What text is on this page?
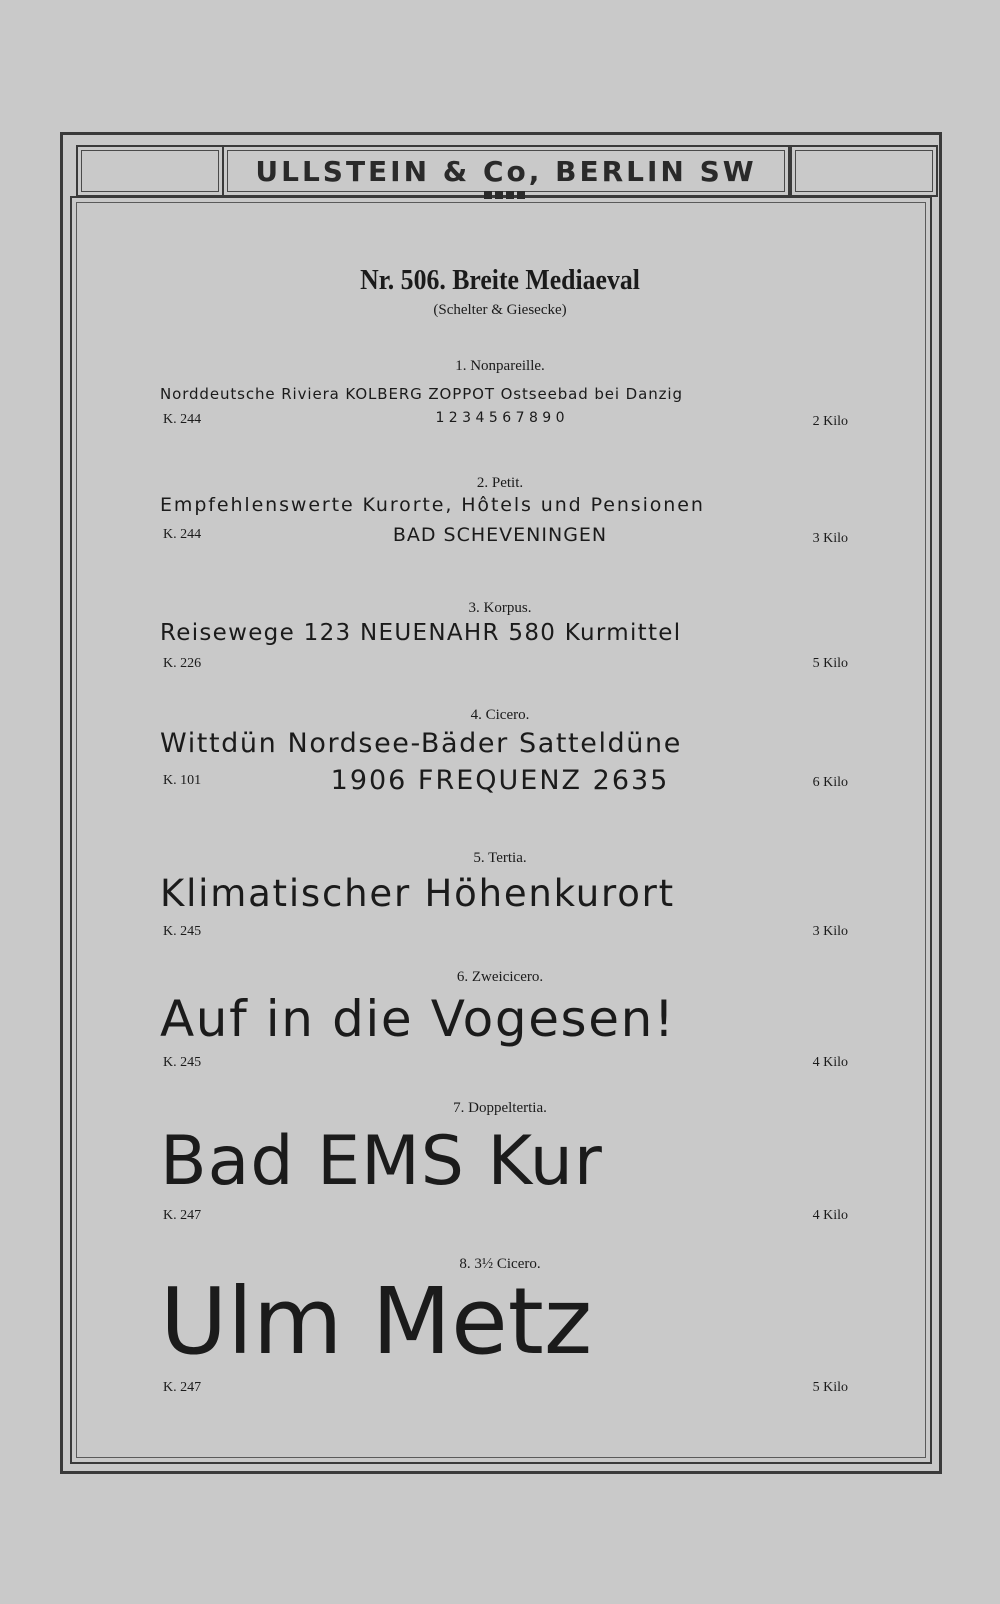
ULLSTEIN & Co, BERLIN SW
Nr. 506. Breite Mediaeval
(Schelter & Giesecke)
1. Nonpareille.
Norddeutsche Riviera KOLBERG ZOPPOT Ostseebad bei Danzig
K. 244	1 2 3 4 5 6 7 8 9 0	2 Kilo
2. Petit.
Empfehlenswerte Kurorte, Hôtels und Pensionen
K. 244	BAD SCHEVENINGEN	3 Kilo
3. Korpus.
Reisewege 123 NEUENAHR 580 Kurmittel
K. 226	5 Kilo
4. Cicero.
Wittdün Nordsee-Bäder Satteldüne
K. 101	1906 FREQUENZ 2635	6 Kilo
5. Tertia.
Klimatischer Höhenkurort
K. 245	3 Kilo
6. Zweicicero.
Auf in die Vogesen!
K. 245	4 Kilo
7. Doppeltertia.
Bad EMS Kur
K. 247	4 Kilo
8. 3½ Cicero.
Ulm Metz
K. 247	5 Kilo
